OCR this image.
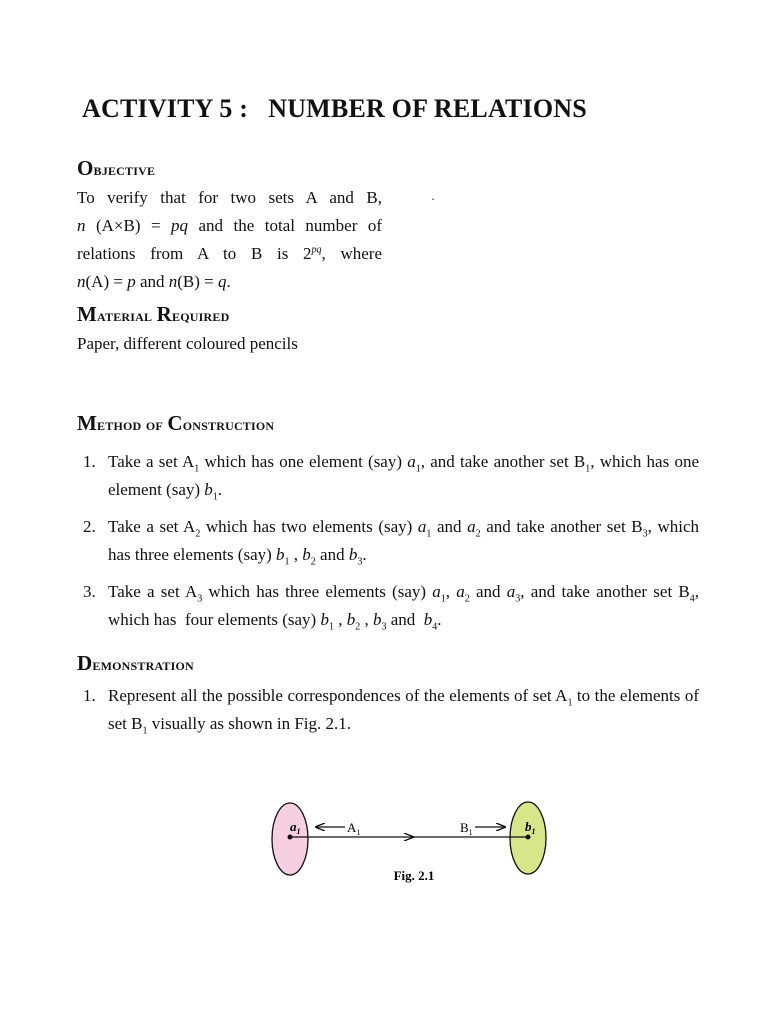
ACTIVITY 5 :   NUMBER OF RELATIONS
Objective
To verify that for two sets A and B,
n (A×B) = pq and the total number of
relations from A to B is $2^{pq}$, where
n(A) = p and n(B) = q.
·
Material Required

Paper, different coloured pencils

Method of Construction
1. Take a set $A_1$ which has one element (say) $a_1$, and take another set $B_1$, which has one element (say) $b_1$.
2. Take a set $A_2$ which has two elements (say) $a_1$ and $a_2$ and take another set $B_3$, which has three elements (say) $b_1$ , $b_2$ and $b_3$.
3. Take a set $A_3$ which has three elements (say) $a_1$, $a_2$ and $a_3$, and take another set $B_4$, which has  four elements (say) $b_1$ , $b_2$ , $b_3$ and  $b_4$.
Demonstration
1. Represent all the possible correspondences of the elements of set $A_1$ to the elements of set $B_1$ visually as shown in Fig. 2.1.
$a_1$	$b_1$
$A_1$	$B_1$
Fig. 2.1
